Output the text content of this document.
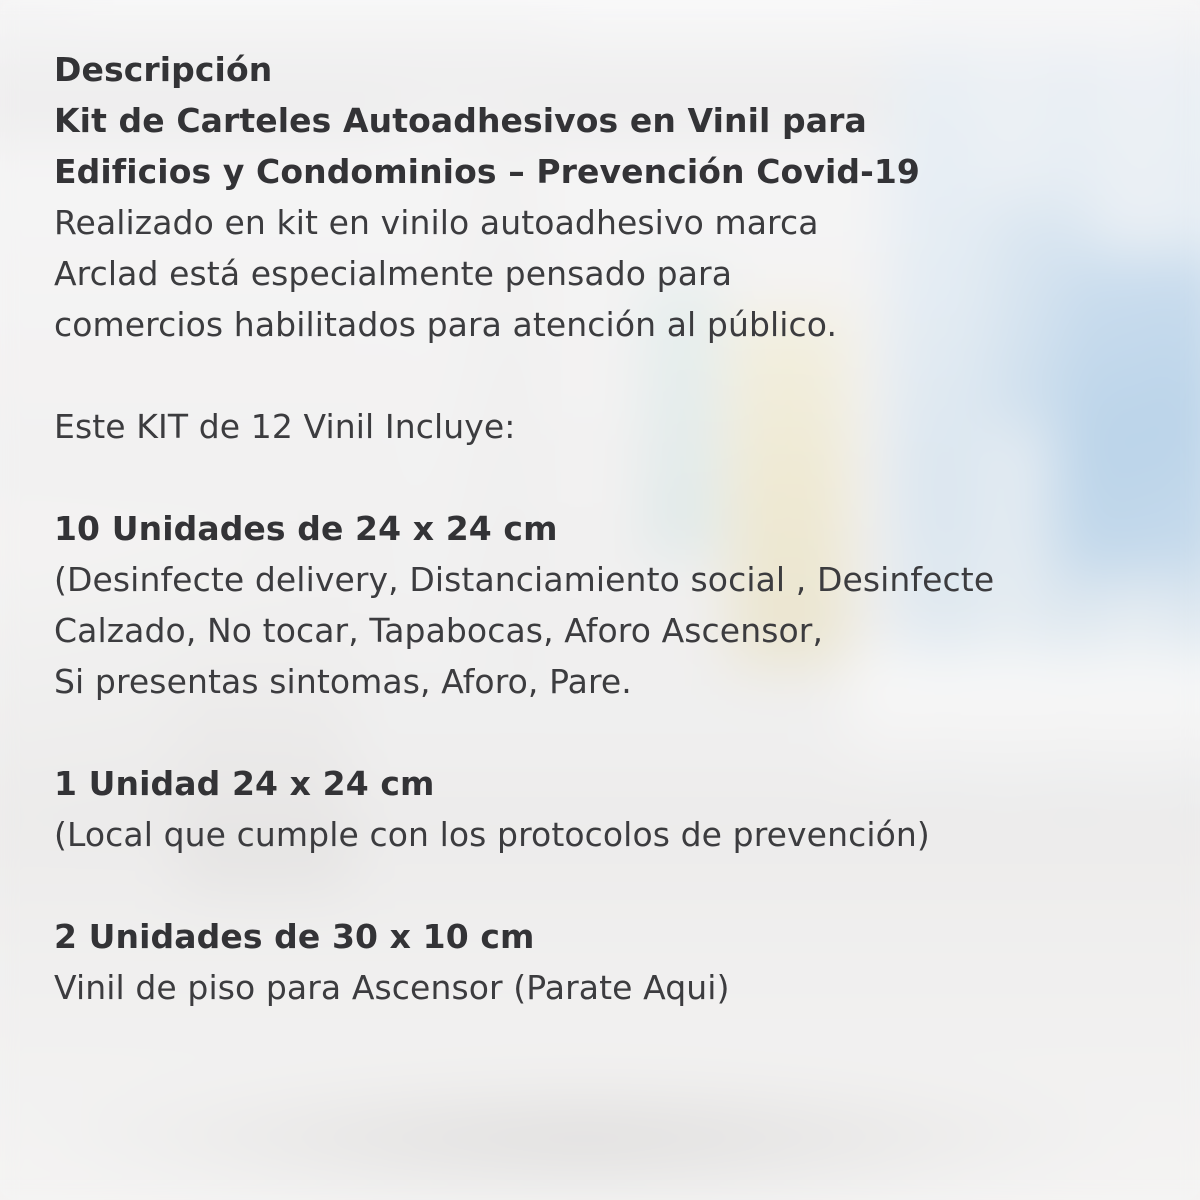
Descripción
Kit de Carteles Autoadhesivos en Vinil para
Edificios y Condominios – Prevención Covid-19
Realizado en kit en vinilo autoadhesivo marca
Arclad está especialmente pensado para
comercios habilitados para atención al público.
Este KIT de 12 Vinil Incluye:
10 Unidades de 24 x 24 cm
(Desinfecte delivery, Distanciamiento social , Desinfecte
Calzado, No tocar, Tapabocas, Aforo Ascensor,
Si presentas sintomas, Aforo, Pare.
1 Unidad 24 x 24 cm
(Local que cumple con los protocolos de prevención)
2 Unidades de 30 x 10 cm
Vinil de piso para Ascensor (Parate Aqui)
